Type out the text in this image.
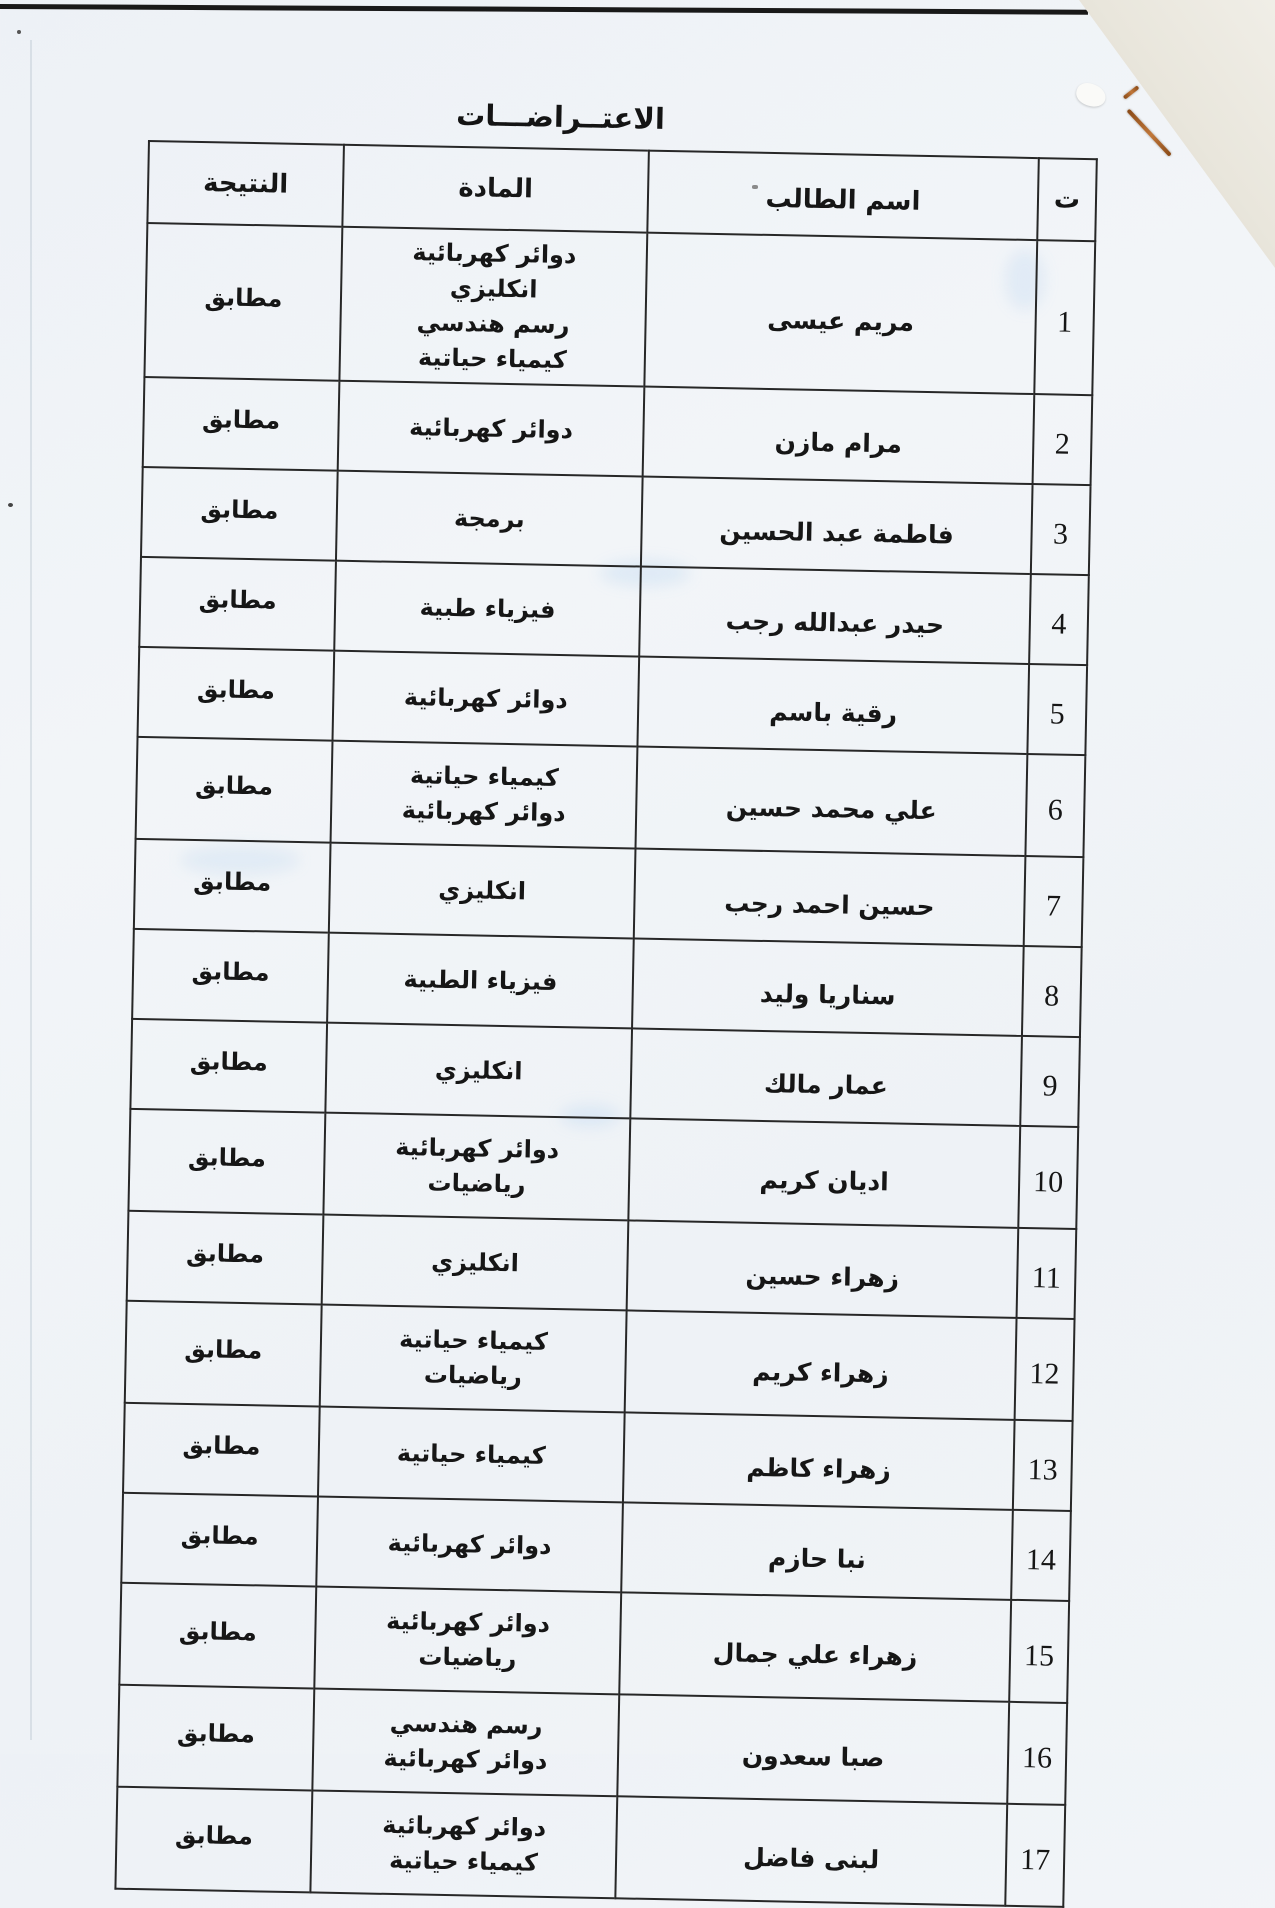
الاعتــراضـــات
ت	اسم الطالب	المادة	النتيجة
1	مريم عيسى	دوائر كهربائية
انكليزي
رسم هندسي
كيمياء حياتية	مطابق
2	مرام مازن	دوائر كهربائية	مطابق
3	فاطمة عبد الحسين	برمجة	مطابق
4	حيدر عبدالله رجب	فيزياء طبية	مطابق
5	رقية باسم	دوائر كهربائية	مطابق
6	علي محمد حسين	كيمياء حياتية
دوائر كهربائية	مطابق
7	حسين احمد رجب	انكليزي	مطابق
8	سناريا وليد	فيزياء الطبية	مطابق
9	عمار مالك	انكليزي	مطابق
10	اديان كريم	دوائر كهربائية
رياضيات	مطابق
11	زهراء حسين	انكليزي	مطابق
12	زهراء كريم	كيمياء حياتية
رياضيات	مطابق
13	زهراء كاظم	كيمياء حياتية	مطابق
14	نبا حازم	دوائر كهربائية	مطابق
15	زهراء علي جمال	دوائر كهربائية
رياضيات	مطابق
16	صبا سعدون	رسم هندسي
دوائر كهربائية	مطابق
17	لبنى فاضل	دوائر كهربائية
كيمياء حياتية	مطابق
